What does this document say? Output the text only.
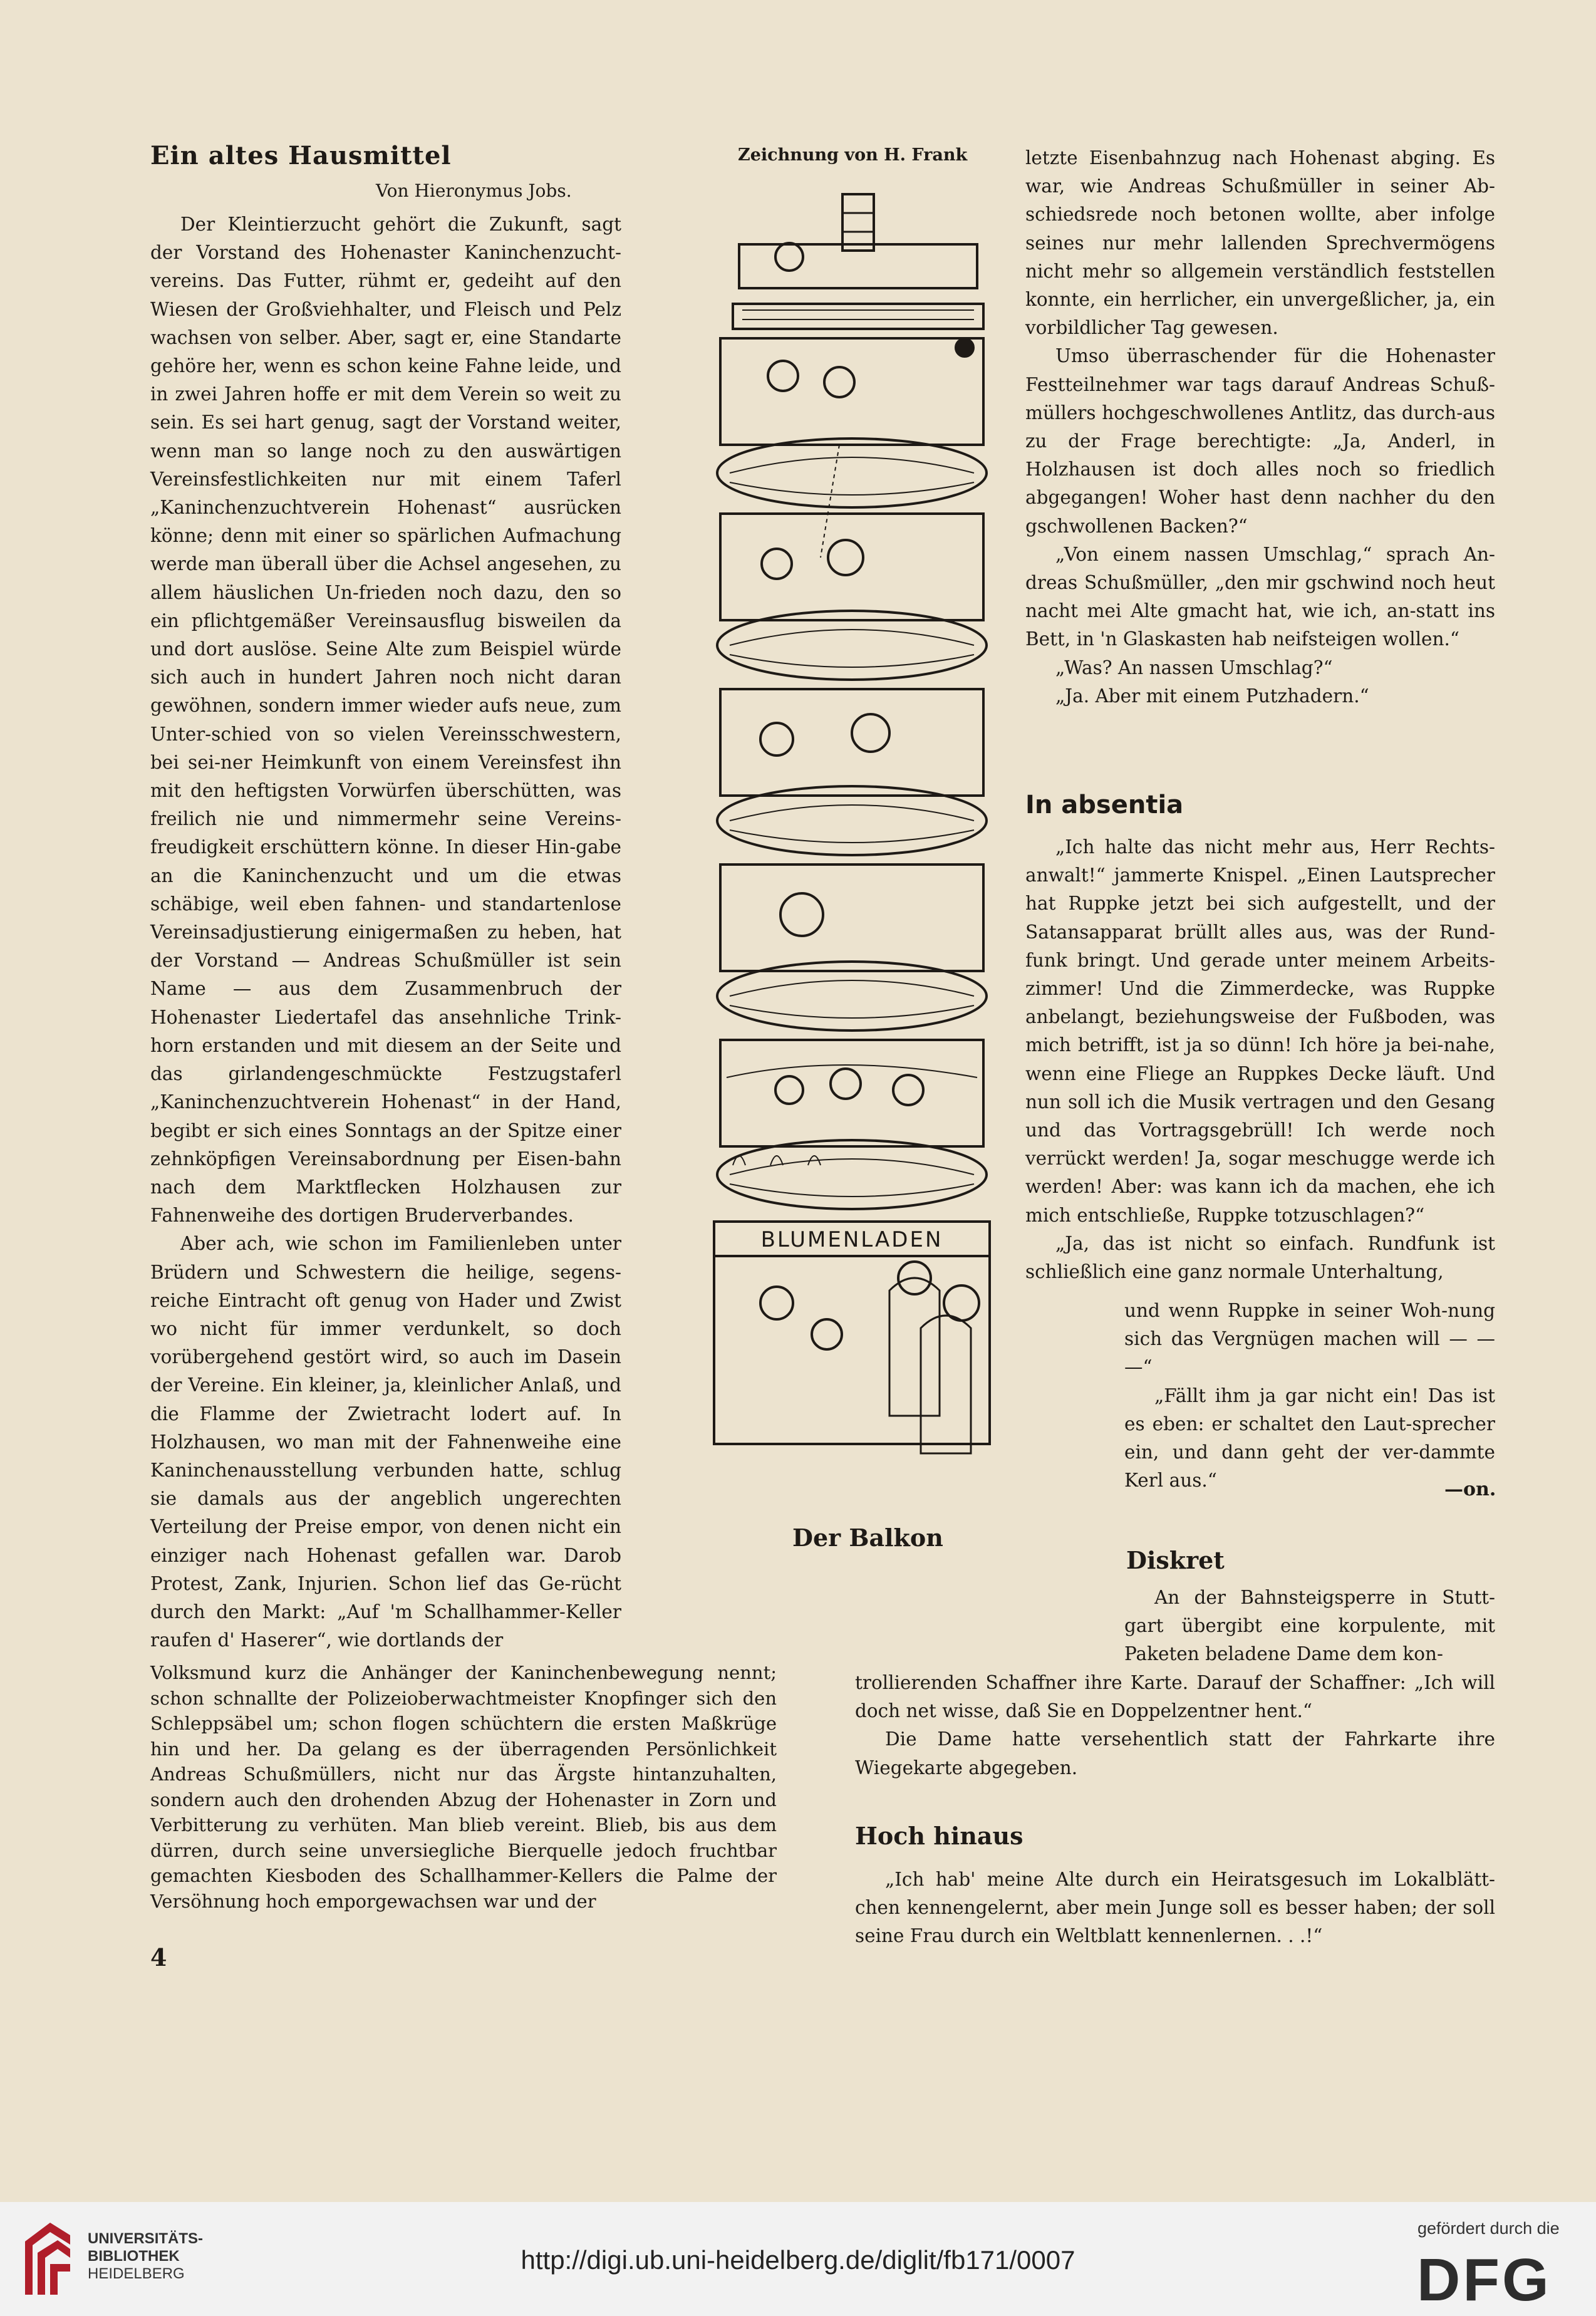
Ein altes Hausmittel
Von Hieronymus Jobs.

Der Kleintierzucht gehört die Zukunft, sagt der Vorstand des Hohenaster Kaninchenzucht-vereins. Das Futter, rühmt er, gedeiht auf den Wiesen der Großviehhalter, und Fleisch und Pelz wachsen von selber. Aber, sagt er, eine Standarte gehöre her, wenn es schon keine Fahne leide, und in zwei Jahren hoffe er mit dem Verein so weit zu sein. Es sei hart genug, sagt der Vorstand weiter, wenn man so lange noch zu den auswärtigen Vereinsfestlichkeiten nur mit einem Taferl „Kaninchenzuchtverein Hohenast“ ausrücken könne; denn mit einer so spärlichen Aufmachung werde man überall über die Achsel angesehen, zu allem häuslichen Un-frieden noch dazu, den so ein pflichtgemäßer Vereinsausflug bisweilen da und dort auslöse. Seine Alte zum Beispiel würde sich auch in hundert Jahren noch nicht daran gewöhnen, sondern immer wieder aufs neue, zum Unter-schied von so vielen Vereinsschwestern, bei sei-ner Heimkunft von einem Vereinsfest ihn mit den heftigsten Vorwürfen überschütten, was freilich nie und nimmermehr seine Vereins-freudigkeit erschüttern könne. In dieser Hin-gabe an die Kaninchenzucht und um die etwas schäbige, weil eben fahnen- und standartenlose Vereinsadjustierung einigermaßen zu heben, hat der Vorstand — Andreas Schußmüller ist sein Name — aus dem Zusammenbruch der Hohenaster Liedertafel das ansehnliche Trink-horn erstanden und mit diesem an der Seite und das girlandengeschmückte Festzugstaferl „Kaninchenzuchtverein Hohenast“ in der Hand, begibt er sich eines Sonntags an der Spitze einer zehnköpfigen Vereinsabordnung per Eisen-bahn nach dem Marktflecken Holzhausen zur Fahnenweihe des dortigen Bruderverbandes.

Aber ach, wie schon im Familienleben unter Brüdern und Schwestern die heilige, segens-reiche Eintracht oft genug von Hader und Zwist wo nicht für immer verdunkelt, so doch vorübergehend gestört wird, so auch im Dasein der Vereine. Ein kleiner, ja, kleinlicher Anlaß, und die Flamme der Zwietracht lodert auf. In Holzhausen, wo man mit der Fahnenweihe eine Kaninchenausstellung verbunden hatte, schlug sie damals aus der angeblich ungerechten Verteilung der Preise empor, von denen nicht ein einziger nach Hohenast gefallen war. Darob Protest, Zank, Injurien. Schon lief das Ge-rücht durch den Markt: „Auf 'm Schallhammer-Keller raufen d' Haserer“, wie dortlands der

Volksmund kurz die Anhänger der Kaninchenbewegung nennt; schon schnallte der Polizeioberwachtmeister Knopfinger sich den Schleppsäbel um; schon flogen schüchtern die ersten Maßkrüge hin und her. Da gelang es der überragenden Persönlichkeit Andreas Schußmüllers, nicht nur das Ärgste hintanzuhalten, sondern auch den drohenden Abzug der Hohenaster in Zorn und Verbitterung zu verhüten. Man blieb vereint. Blieb, bis aus dem dürren, durch seine unversiegliche Bierquelle jedoch fruchtbar gemachten Kiesboden des Schallhammer-Kellers die Palme der Versöhnung hoch emporgewachsen war und der

4
Zeichnung von H. Frank
BLUMENLADEN
Der Balkon

letzte Eisenbahnzug nach Hohenast abging. Es war, wie Andreas Schußmüller in seiner Ab-schiedsrede noch betonen wollte, aber infolge seines nur mehr lallenden Sprechvermögens nicht mehr so allgemein verständlich feststellen konnte, ein herrlicher, ein unvergeßlicher, ja, ein vorbildlicher Tag gewesen.

Umso überraschender für die Hohenaster Festteilnehmer war tags darauf Andreas Schuß-müllers hochgeschwollenes Antlitz, das durch-aus zu der Frage berechtigte: „Ja, Anderl, in Holzhausen ist doch alles noch so friedlich abgegangen! Woher hast denn nachher du den gschwollenen Backen?“

„Von einem nassen Umschlag,“ sprach An-dreas Schußmüller, „den mir gschwind noch heut nacht mei Alte gmacht hat, wie ich, an-statt ins Bett, in 'n Glaskasten hab neifsteigen wollen.“

„Was? An nassen Umschlag?“

„Ja. Aber mit einem Putzhadern.“

In absentia

„Ich halte das nicht mehr aus, Herr Rechts-anwalt!“ jammerte Knispel. „Einen Lautsprecher hat Ruppke jetzt bei sich aufgestellt, und der Satansapparat brüllt alles aus, was der Rund-funk bringt. Und gerade unter meinem Arbeits-zimmer! Und die Zimmerdecke, was Ruppke anbelangt, beziehungsweise der Fußboden, was mich betrifft, ist ja so dünn! Ich höre ja bei-nahe, wenn eine Fliege an Ruppkes Decke läuft. Und nun soll ich die Musik vertragen und den Gesang und das Vortragsgebrüll! Ich werde noch verrückt werden! Ja, sogar meschugge werde ich werden! Aber: was kann ich da machen, ehe ich mich entschließe, Ruppke totzuschlagen?“

„Ja, das ist nicht so einfach. Rundfunk ist schließlich eine ganz normale Unterhaltung,

und wenn Ruppke in seiner Woh-nung sich das Vergnügen machen will — — —“

„Fällt ihm ja gar nicht ein! Das ist es eben: er schaltet den Laut-sprecher ein, und dann geht der ver-dammte Kerl aus.“	—on.
Diskret

An der Bahnsteigsperre in Stutt-gart übergibt eine korpulente, mit Paketen beladene Dame dem kon-

trollierenden Schaffner ihre Karte. Darauf der Schaffner: „Ich will doch net wisse, daß Sie en Doppelzentner hent.“

Die Dame hatte versehentlich statt der Fahrkarte ihre Wiegekarte abgegeben.

Hoch hinaus

„Ich hab' meine Alte durch ein Heiratsgesuch im Lokalblätt-chen kennengelernt, aber mein Junge soll es besser haben; der soll seine Frau durch ein Weltblatt kennenlernen. . .!“

UNIVERSITÄTS-
BIBLIOTHEK
HEIDELBERG	http://digi.ub.uni-heidelberg.de/diglit/fb171/0007
gefördert durch die
DFG
